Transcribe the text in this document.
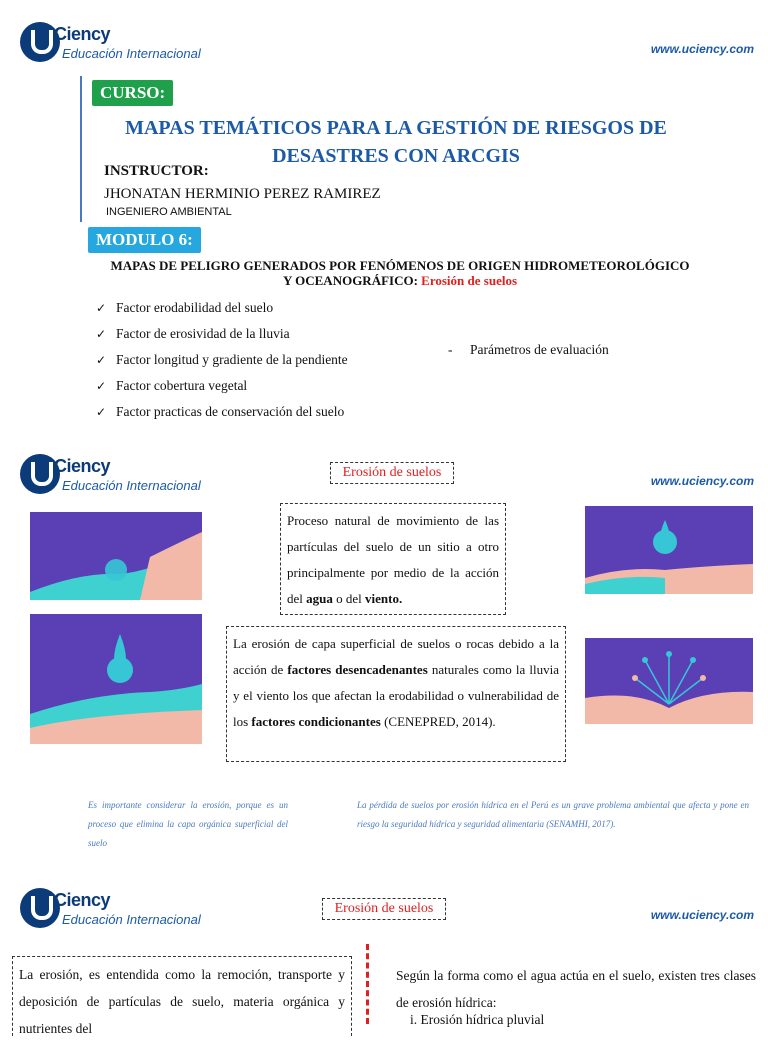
Ciency
Educación Internacional	www.uciency.com
CURSO:
MAPAS TEMÁTICOS PARA LA GESTIÓN DE RIESGOS DE
DESASTRES CON ARCGIS
INSTRUCTOR:
JHONATAN HERMINIO PEREZ RAMIREZ
INGENIERO AMBIENTAL
MODULO 6:
MAPAS DE PELIGRO GENERADOS POR FENÓMENOS DE ORIGEN HIDROMETEOROLÓGICO
Y OCEANOGRÁFICO: Erosión de suelos
✓ Factor erodabilidad del suelo
✓ Factor de erosividad de la lluvia
✓ Factor longitud y gradiente de la pendiente
✓ Factor cobertura vegetal
✓ Factor practicas de conservación del suelo
- Parámetros de evaluación
Ciency
Educación Internacional	www.uciency.com
Erosión de suelos
Proceso natural de movimiento de las partículas del suelo de un sitio a otro principalmente por medio de la acción del agua o del viento.
La erosión de capa superficial de suelos o rocas debido a la acción de factores desencadenantes naturales como la lluvia y el viento los que afectan la erodabilidad o vulnerabilidad de los factores condicionantes (CENEPRED, 2014).
Es importante considerar la erosión, porque es un proceso que elimina la capa orgánica superficial del suelo
La pérdida de suelos por erosión hídrica en el Perú es un grave problema ambiental que afecta y pone en riesgo la seguridad hídrica y seguridad alimentaria (SENAMHI, 2017).
Ciency
Educación Internacional	www.uciency.com
Erosión de suelos
La erosión, es entendida como la remoción, transporte y deposición de partículas de suelo, materia orgánica y nutrientes del
Según la forma como el agua actúa en el suelo, existen tres clases de erosión hídrica:
i. Erosión hídrica pluvial
